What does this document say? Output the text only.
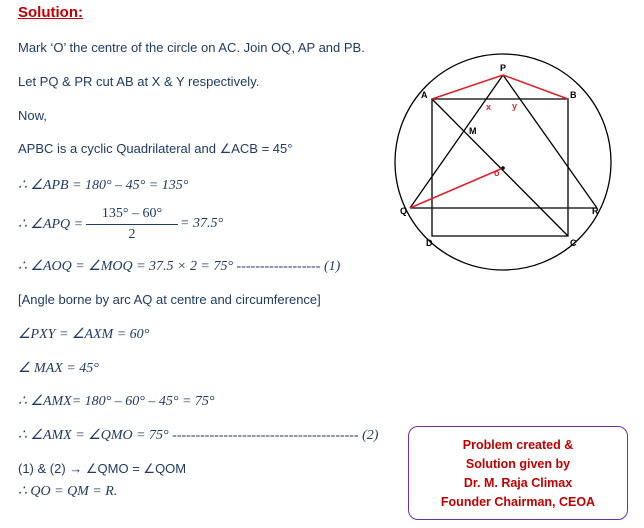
Solution:
Mark ‘O’ the centre of the circle on AC. Join OQ, AP and PB.
Let PQ & PR cut AB at X & Y respectively.
Now,
APBC is a cyclic Quadrilateral and ∠ACB = 45°
∴ ∠APB = 180° – 45° = 135°
∴ ∠APQ =
135° – 60°
2
= 37.5°
∴ ∠AOQ = ∠MOQ = 37.5 × 2 = 75° ------------------ (1)
[Angle borne by arc AQ at centre and circumference]
∠PXY = ∠AXM = 60°
∠ MAX = 45°
∴ ∠AMX= 180° – 60° – 45° = 75°
∴ ∠AMX = ∠QMO = 75° ---------------------------------------- (2)
(1) & (2) → ∠QMO = ∠QOM
∴ QO = QM = R.
P
A	B
x y
M
o
Q	R
D	C
Problem created &
Solution given by
Dr. M. Raja Climax
Founder Chairman, CEOA
